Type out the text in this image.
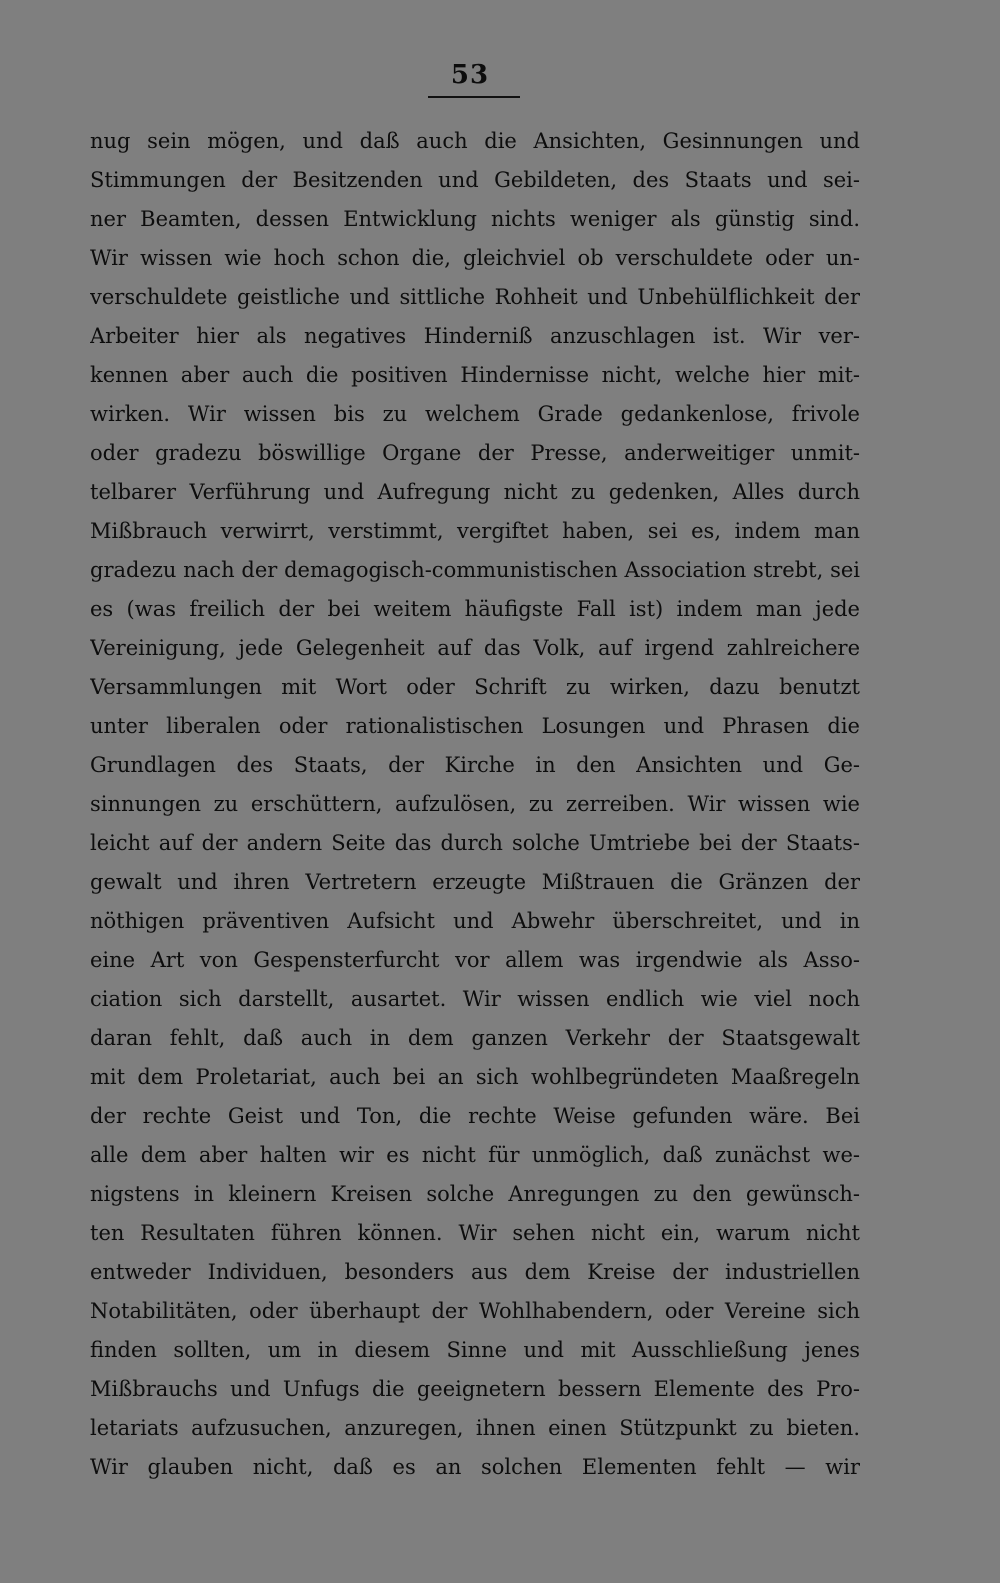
53
nug sein mögen, und daß auch die Ansichten, Gesinnungen und
Stimmungen der Besitzenden und Gebildeten, des Staats und sei-
ner Beamten, dessen Entwicklung nichts weniger als günstig sind.
Wir wissen wie hoch schon die, gleichviel ob verschuldete oder un-
verschuldete geistliche und sittliche Rohheit und Unbehülflichkeit der
Arbeiter hier als negatives Hinderniß anzuschlagen ist. Wir ver-
kennen aber auch die positiven Hindernisse nicht, welche hier mit-
wirken. Wir wissen bis zu welchem Grade gedankenlose, frivole
oder gradezu böswillige Organe der Presse, anderweitiger unmit-
telbarer Verführung und Aufregung nicht zu gedenken, Alles durch
Mißbrauch verwirrt, verstimmt, vergiftet haben, sei es, indem man
gradezu nach der demagogisch-communistischen Association strebt, sei
es (was freilich der bei weitem häufigste Fall ist) indem man jede
Vereinigung, jede Gelegenheit auf das Volk, auf irgend zahlreichere
Versammlungen mit Wort oder Schrift zu wirken, dazu benutzt
unter liberalen oder rationalistischen Losungen und Phrasen die
Grundlagen des Staats, der Kirche in den Ansichten und Ge-
sinnungen zu erschüttern, aufzulösen, zu zerreiben. Wir wissen wie
leicht auf der andern Seite das durch solche Umtriebe bei der Staats-
gewalt und ihren Vertretern erzeugte Mißtrauen die Gränzen der
nöthigen präventiven Aufsicht und Abwehr überschreitet, und in
eine Art von Gespensterfurcht vor allem was irgendwie als Asso-
ciation sich darstellt, ausartet. Wir wissen endlich wie viel noch
daran fehlt, daß auch in dem ganzen Verkehr der Staatsgewalt
mit dem Proletariat, auch bei an sich wohlbegründeten Maaßregeln
der rechte Geist und Ton, die rechte Weise gefunden wäre. Bei
alle dem aber halten wir es nicht für unmöglich, daß zunächst we-
nigstens in kleinern Kreisen solche Anregungen zu den gewünsch-
ten Resultaten führen können. Wir sehen nicht ein, warum nicht
entweder Individuen, besonders aus dem Kreise der industriellen
Notabilitäten, oder überhaupt der Wohlhabendern, oder Vereine sich
finden sollten, um in diesem Sinne und mit Ausschließung jenes
Mißbrauchs und Unfugs die geeignetern bessern Elemente des Pro-
letariats aufzusuchen, anzuregen, ihnen einen Stützpunkt zu bieten.
Wir glauben nicht, daß es an solchen Elementen fehlt — wir
